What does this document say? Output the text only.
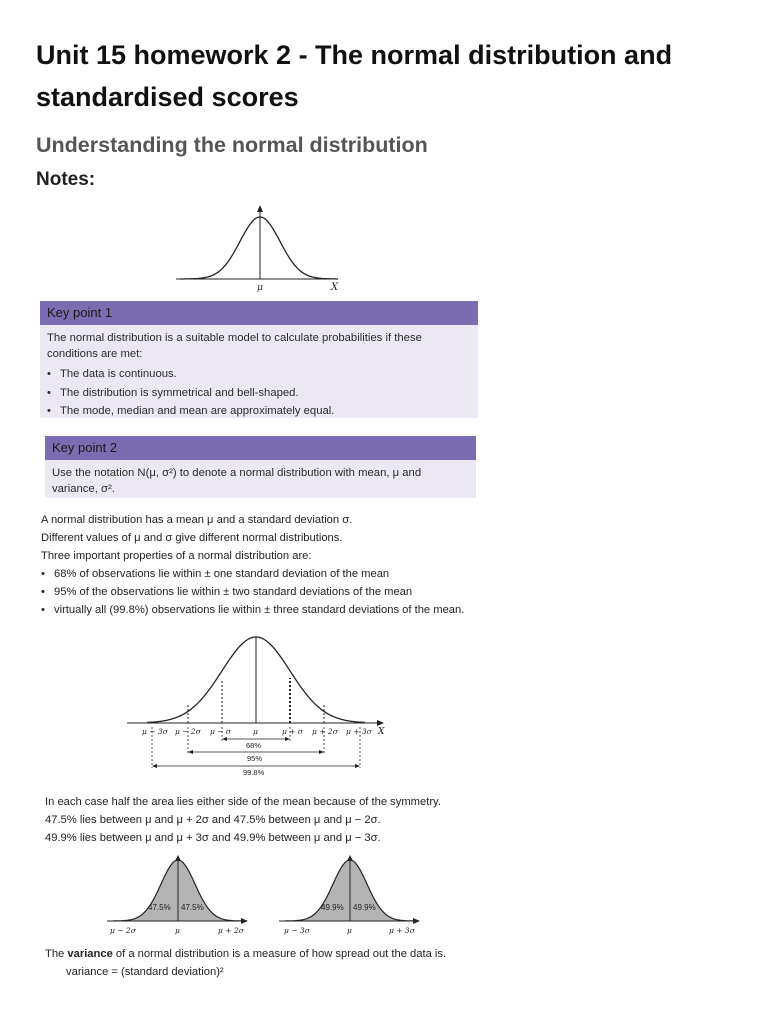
Unit 15 homework 2 - The normal distribution and standardised scores
Understanding the normal distribution
Notes:
μ	X
Key point 1
The normal distribution is a suitable model to calculate probabilities if these conditions are met:
• The data is continuous.
• The distribution is symmetrical and bell-shaped.
• The mode, median and mean are approximately equal.
Key point 2
Use the notation N(μ, σ²) to denote a normal distribution with mean, μ and variance, σ².

A normal distribution has a mean μ and a standard deviation σ.

Different values of μ and σ give different normal distributions.

Three important properties of a normal distribution are:

• 68% of observations lie within ± one standard deviation of the mean
• 95% of the observations lie within ± two standard deviations of the mean
• virtually all (99.8%) observations lie within ± three standard deviations of the mean.
μ − 3σ μ − 2σ μ − σ	μ	μ + σ μ + 2σ μ + 3σ X
68%
95%
99.8%

In each case half the area lies either side of the mean because of the symmetry.

47.5% lies between μ and μ + 2σ and 47.5% between μ and μ − 2σ.

49.9% lies between μ and μ + 3σ and 49.9% between μ and μ − 3σ.

47.5% 47.5%
μ − 2σ	μ	μ + 2σ
49.9% 49.9%
μ − 3σ	μ	μ + 3σ

The variance of a normal distribution is a measure of how spread out the data is.

variance = (standard deviation)²
